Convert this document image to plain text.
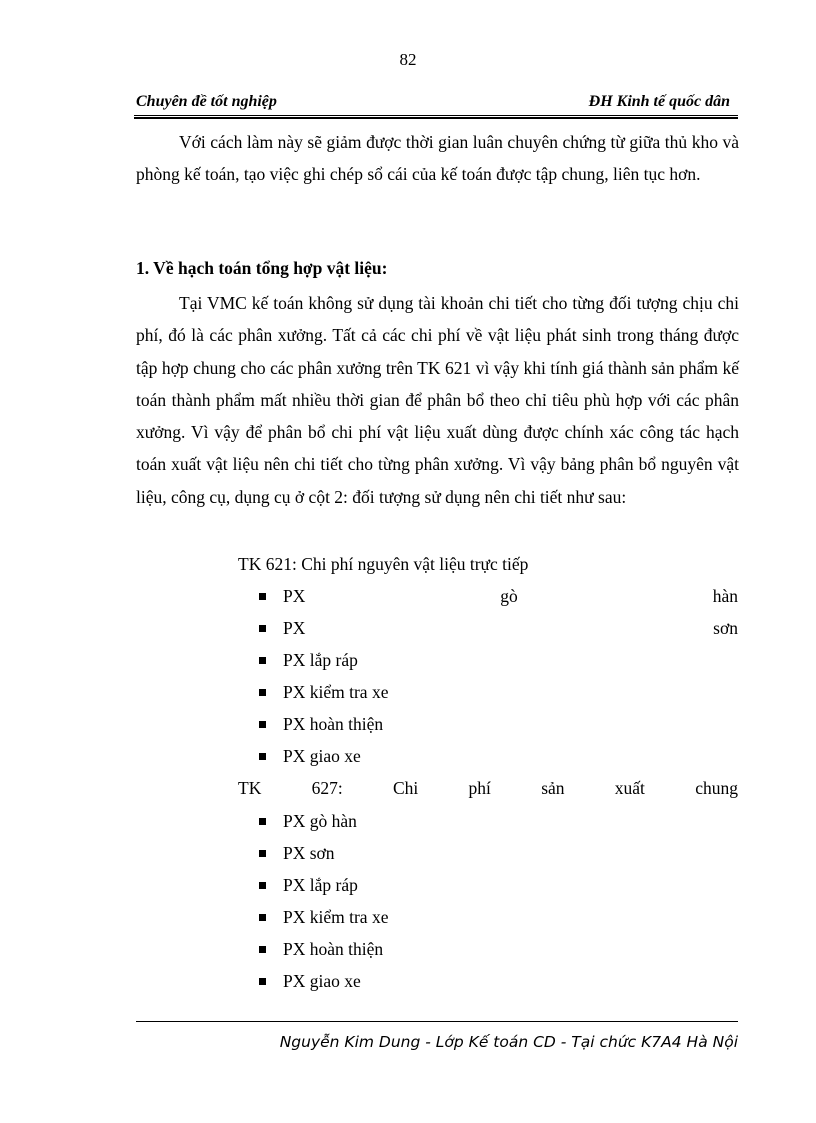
82
Chuyên đề tốt nghiệp	ĐH Kinh tế quốc dân

Với cách làm này sẽ giảm được thời gian luân chuyên chứng từ giữa thủ kho và phòng kế toán, tạo việc ghi chép sổ cái của kế toán được tập chung, liên tục hơn.

1. Về hạch toán tổng hợp vật liệu:

Tại VMC kế toán không sử dụng tài khoản chi tiết cho từng đối tượng chịu chi phí, đó là các phân xưởng. Tất cả các chi phí về vật liệu phát sinh trong tháng được tập hợp chung cho các phân xưởng trên TK 621 vì vậy khi tính giá thành sản phẩm kế toán thành phẩm mất nhiều thời gian để phân bổ theo chỉ tiêu phù hợp với các phân xưởng. Vì vậy để phân bổ chi phí vật liệu xuất dùng được chính xác công tác hạch toán xuất vật liệu nên chi tiết cho từng phân xưởng. Vì vậy bảng phân bổ nguyên vật liệu, công cụ, dụng cụ ở cột 2: đối tượng sử dụng nên chi tiết như sau:

TK 621: Chi phí nguyên vật liệu trực tiếp
PX	gò	hàn
PX	sơn
PX lắp ráp
PX kiểm tra xe
PX hoàn thiện
PX giao xe
TK	627:	Chi	phí	sản	xuất	chung
PX gò hàn
PX sơn
PX lắp ráp
PX kiểm tra xe
PX hoàn thiện
PX giao xe
Nguyễn Kim Dung - Lớp Kế toán CD - Tại chức K7A4 Hà Nội
